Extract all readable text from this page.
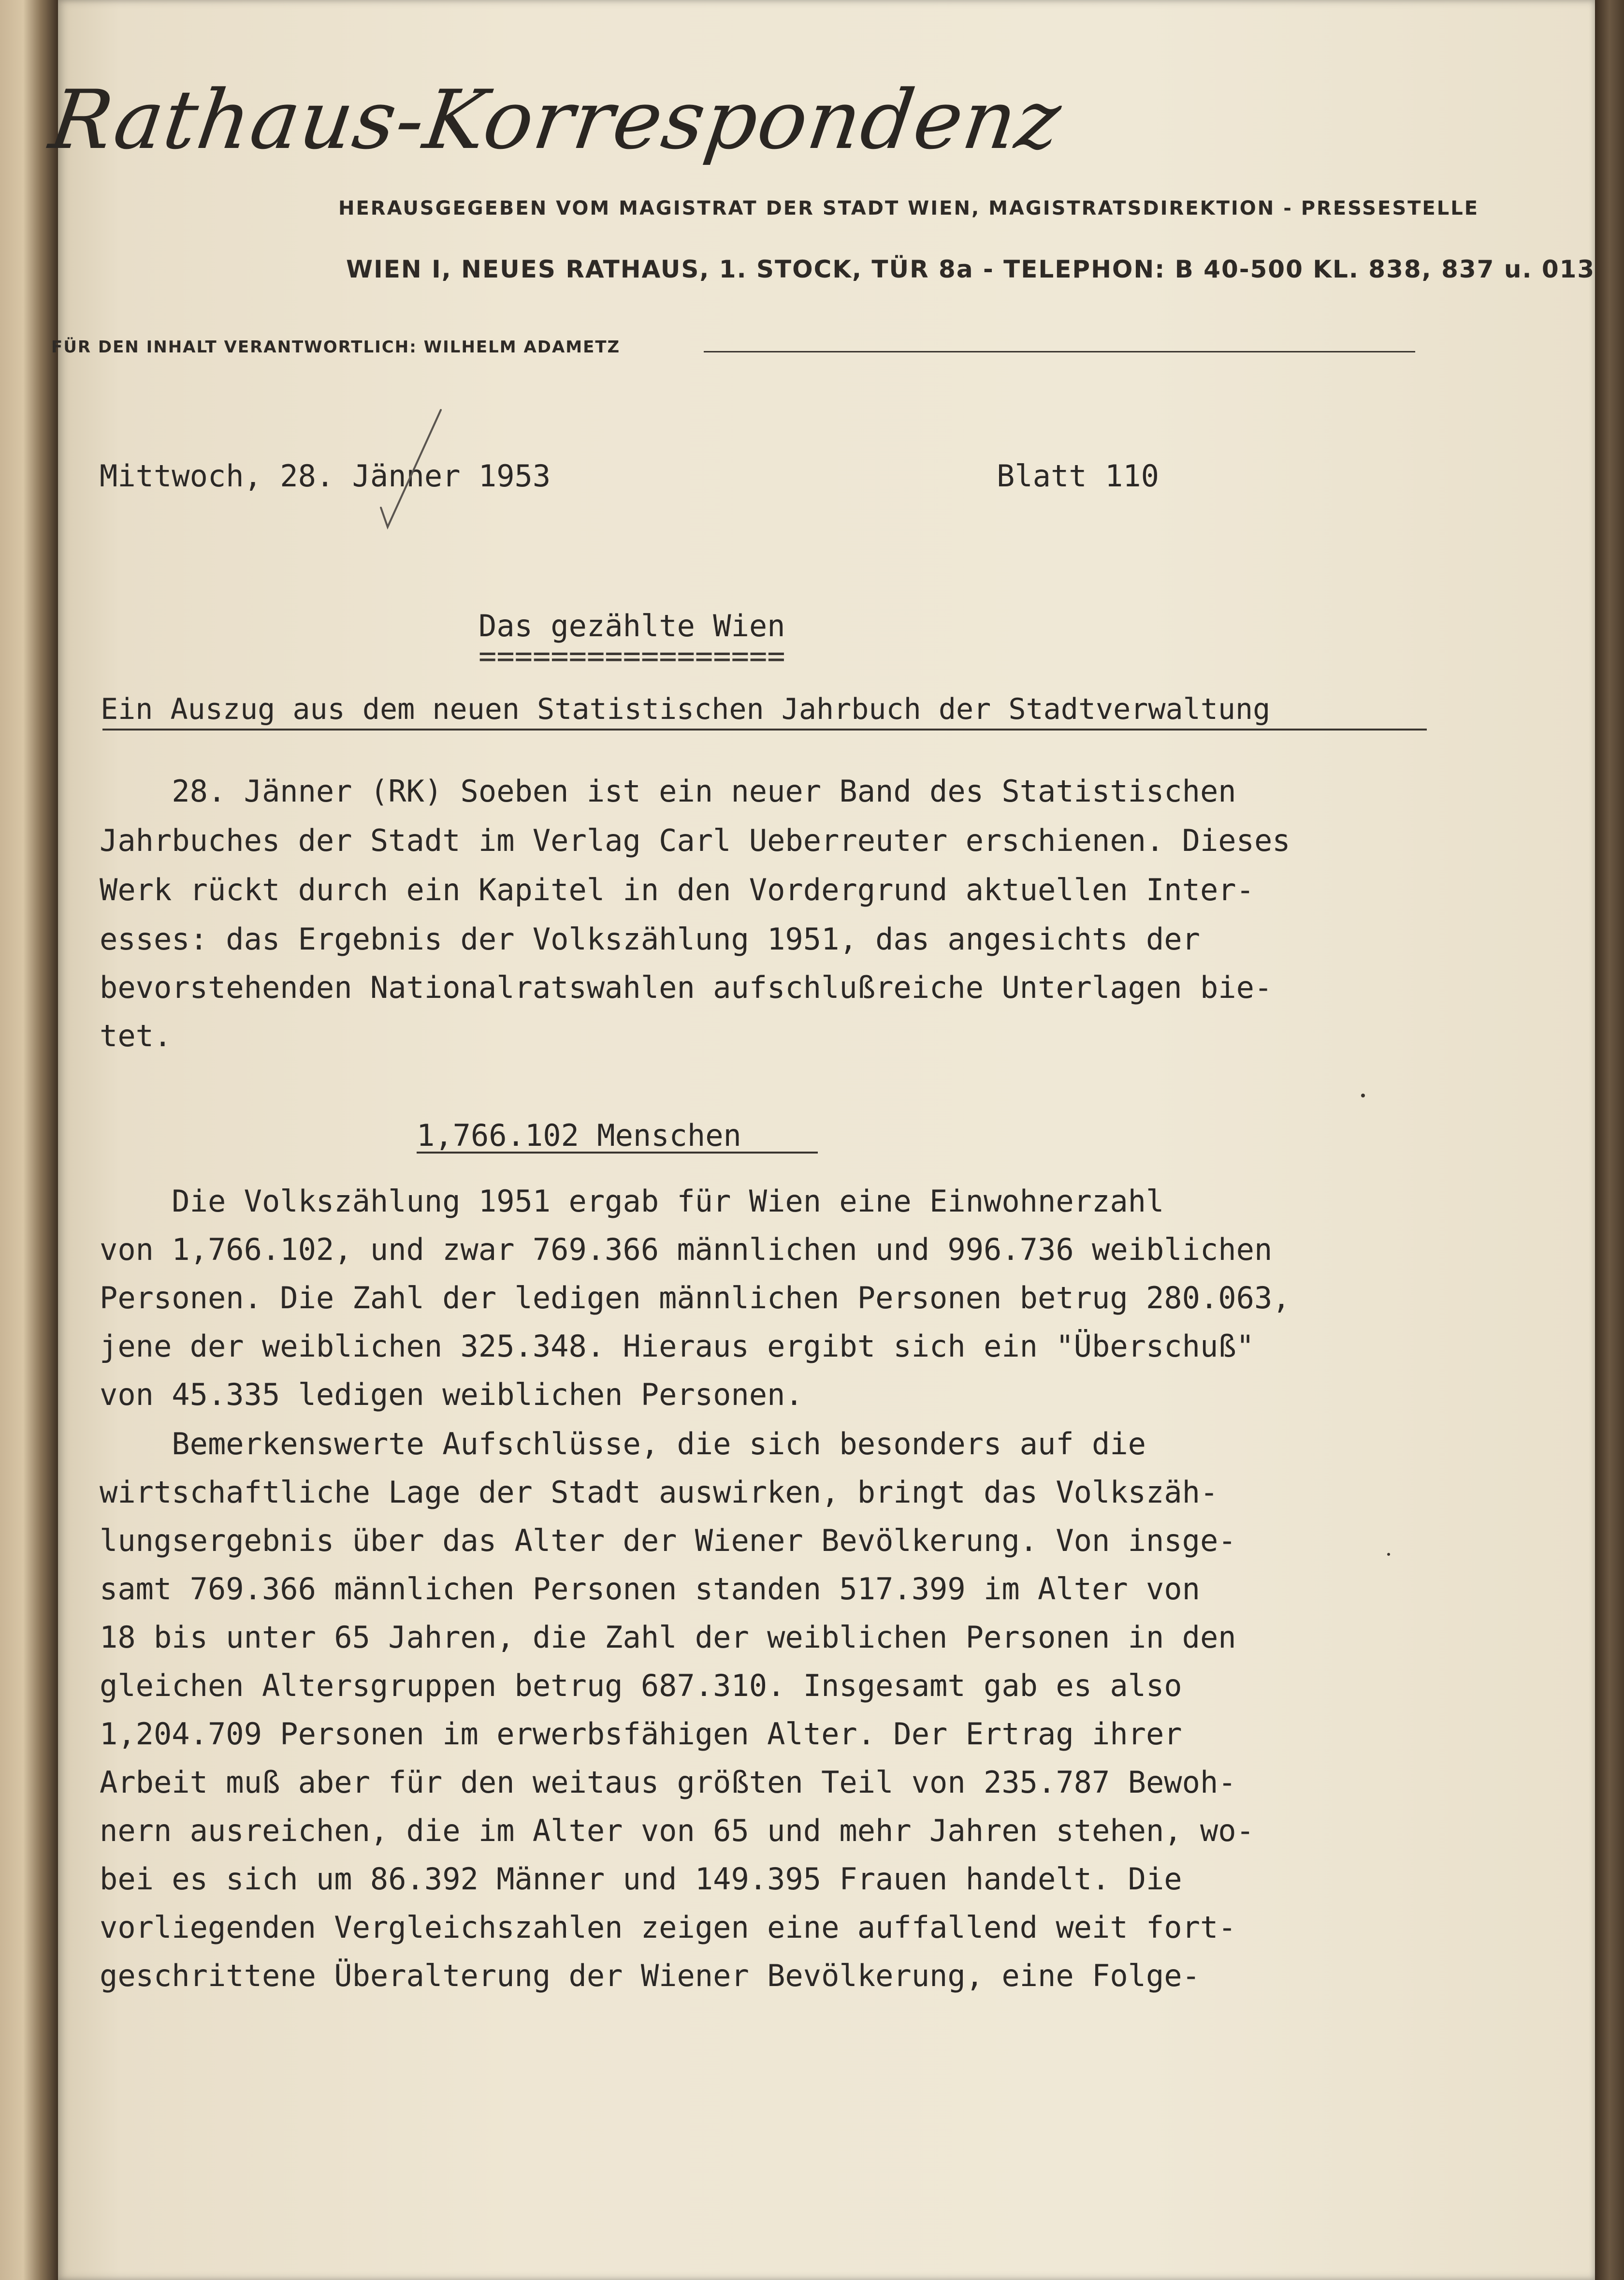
Rathaus-Korrespondenz
HERAUSGEGEBEN VOM MAGISTRAT DER STADT WIEN, MAGISTRATSDIREKTION - PRESSESTELLE
WIEN I, NEUES RATHAUS, 1. STOCK, TÜR 8a - TELEPHON: B 40-500 KL. 838, 837 u. 013
FÜR DEN INHALT VERANTWORTLICH: WILHELM ADAMETZ
Mittwoch, 28. Jänner 1953	Blatt 110
Das gezählte Wien
=================
Ein Auszug aus dem neuen Statistischen Jahrbuch der Stadtverwaltung
28. Jänner (RK) Soeben ist ein neuer Band des Statistischen
Jahrbuches der Stadt im Verlag Carl Ueberreuter erschienen. Dieses
Werk rückt durch ein Kapitel in den Vordergrund aktuellen Inter-
esses: das Ergebnis der Volkszählung 1951, das angesichts der
bevorstehenden Nationalratswahlen aufschlußreiche Unterlagen bie-
tet.
1,766.102 Menschen
Die Volkszählung 1951 ergab für Wien eine Einwohnerzahl
von 1,766.102, und zwar 769.366 männlichen und 996.736 weiblichen
Personen. Die Zahl der ledigen männlichen Personen betrug 280.063,
jene der weiblichen 325.348. Hieraus ergibt sich ein "Überschuß"
von 45.335 ledigen weiblichen Personen.
Bemerkenswerte Aufschlüsse, die sich besonders auf die
wirtschaftliche Lage der Stadt auswirken, bringt das Volkszäh-
lungsergebnis über das Alter der Wiener Bevölkerung. Von insge-
samt 769.366 männlichen Personen standen 517.399 im Alter von
18 bis unter 65 Jahren, die Zahl der weiblichen Personen in den
gleichen Altersgruppen betrug 687.310. Insgesamt gab es also
1,204.709 Personen im erwerbsfähigen Alter. Der Ertrag ihrer
Arbeit muß aber für den weitaus größten Teil von 235.787 Bewoh-
nern ausreichen, die im Alter von 65 und mehr Jahren stehen, wo-
bei es sich um 86.392 Männer und 149.395 Frauen handelt. Die
vorliegenden Vergleichszahlen zeigen eine auffallend weit fort-
geschrittene Überalterung der Wiener Bevölkerung, eine Folge-
